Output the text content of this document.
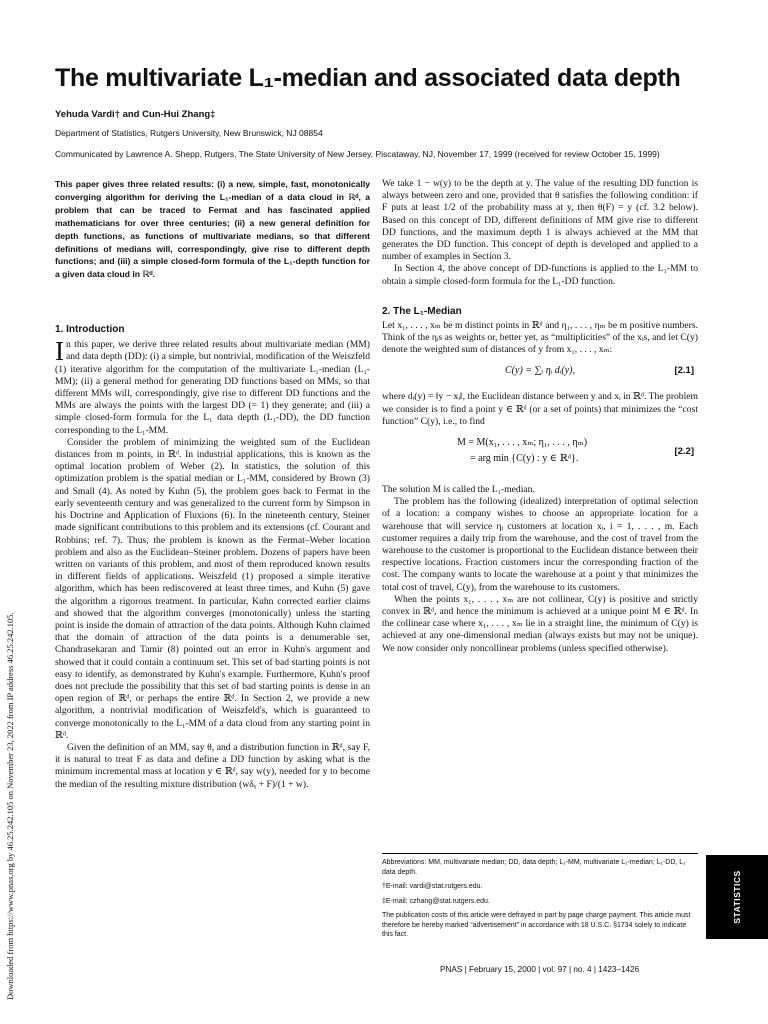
The multivariate L₁-median and associated data depth
Yehuda Vardi† and Cun-Hui Zhang‡
Department of Statistics, Rutgers University, New Brunswick, NJ 08854
Communicated by Lawrence A. Shepp, Rutgers, The State University of New Jersey, Piscataway, NJ, November 17, 1999 (received for review October 15, 1999)

This paper gives three related results: (i) a new, simple, fast, monotonically converging algorithm for deriving the L₁-median of a data cloud in ℝᵈ, a problem that can be traced to Fermat and has fascinated applied mathematicians for over three centuries; (ii) a new general definition for depth functions, as functions of multivariate medians, so that different definitions of medians will, correspondingly, give rise to different depth functions; and (iii) a simple closed-form formula of the L₁-depth function for a given data cloud in ℝᵈ.

1. Introduction

In this paper, we derive three related results about multivariate median (MM) and data depth (DD): (i) a simple, but nontrivial, modification of the Weiszfeld (1) iterative algorithm for the computation of the multivariate L₁-median (L₁-MM); (ii) a general method for generating DD functions based on MMs, so that different MMs will, correspondingly, give rise to different DD functions and the MMs are always the points with the largest DD (= 1) they generate; and (iii) a simple closed-form formula for the L₁ data depth (L₁-DD), the DD function corresponding to the L₁-MM.

Consider the problem of minimizing the weighted sum of the Euclidean distances from m points, in ℝᵈ. In industrial applications, this is known as the optimal location problem of Weber (2). In statistics, the solution of this optimization problem is the spatial median or L₁-MM, considered by Brown (3) and Small (4). As noted by Kuhn (5), the problem goes back to Fermat in the early seventeenth century and was generalized to the current form by Simpson in his Doctrine and Application of Fluxions (6). In the nineteenth century, Steiner made significant contributions to this problem and its extensions (cf. Courant and Robbins; ref. 7). Thus, the problem is known as the Fermat–Weber location problem and also as the Euclidean–Steiner problem. Dozens of papers have been written on variants of this problem, and most of them reproduced known results in different fields of applications. Weiszfeld (1) proposed a simple iterative algorithm, which has been rediscovered at least three times, and Kuhn (5) gave the algorithm a rigorous treatment. In particular, Kuhn corrected earlier claims and showed that the algorithm converges (monotonically) unless the starting point is inside the domain of attraction of the data points. Although Kuhn claimed that the domain of attraction of the data points is a denumerable set, Chandrasekaran and Tamir (8) pointed out an error in Kuhn's argument and showed that it could contain a continuum set. This set of bad starting points is not easy to identify, as demonstrated by Kuhn's example. Furthermore, Kuhn's proof does not preclude the possibility that this set of bad starting points is dense in an open region of ℝᵈ, or perhaps the entire ℝᵈ. In Section 2, we provide a new algorithm, a nontrivial modification of Weiszfeld's, which is guaranteed to converge monotonically to the L₁-MM of a data cloud from any starting point in ℝᵈ.

Given the definition of an MM, say θ, and a distribution function in ℝᵈ, say F, it is natural to treat F as data and define a DD function by asking what is the minimum incremental mass at location y ∈ ℝᵈ, say w(y), needed for y to become the median of the resulting mixture distribution (wδᵧ + F)/(1 + w).

We take 1 − w(y) to be the depth at y. The value of the resulting DD function is always between zero and one, provided that θ satisfies the following condition: if F puts at least 1/2 of the probability mass at y, then θ(F) = y (cf. 3.2 below). Based on this concept of DD, different definitions of MM give rise to different DD functions, and the maximum depth 1 is always achieved at the MM that generates the DD function. This concept of depth is developed and applied to a number of examples in Section 3.

In Section 4, the above concept of DD-functions is applied to the L₁-MM to obtain a simple closed-form formula for the L₁-DD function.

2. The L₁-Median

Let x₁, . . . , xₘ be m distinct points in ℝᵈ and η₁, . . . , ηₘ be m positive numbers. Think of the ηᵢs as weights or, better yet, as “multiplicities” of the xᵢs, and let C(y) denote the weighted sum of distances of y from x₁, . . . , xₘ:

C(y) = ∑ᵢ ηᵢ dᵢ(y),	[2.1]

where dᵢ(y) = ‖y − xᵢ‖, the Euclidean distance between y and xᵢ in ℝᵈ. The problem we consider is to find a point y ∈ ℝᵈ (or a set of points) that minimizes the “cost function” C(y), i.e., to find

M = M(x₁, . . . , xₘ; η₁, . . . , ηₘ)
= arg min {C(y) : y ∈ ℝᵈ}.
[2.2]

The solution M is called the L₁-median.

The problem has the following (idealized) interpretation of optimal selection of a location: a company wishes to choose an appropriate location for a warehouse that will service ηᵢ customers at location xᵢ, i = 1, . . . , m. Each customer requires a daily trip from the warehouse, and the cost of travel from the warehouse to the customer is proportional to the Euclidean distance between their respective locations. Fraction customers incur the corresponding fraction of the cost. The company wants to locate the warehouse at a point y that minimizes the total cost of travel, C(y), from the warehouse to its customers.

When the points x₁, . . . , xₘ are not collinear, C(y) is positive and strictly convex in ℝᵈ, and hence the minimum is achieved at a unique point M ∈ ℝᵈ. In the collinear case where x₁, . . . , xₘ lie in a straight line, the minimum of C(y) is achieved at any one-dimensional median (always exists but may not be unique). We now consider only noncollinear problems (unless specified otherwise).

Abbreviations: MM, multivariate median; DD, data depth; L₁-MM, multivariate L₁-median; L₁-DD, L₁ data depth.

†E-mail: vardi@stat.rutgers.edu.

‡E-mail: czhang@stat.rutgers.edu.

The publication costs of this article were defrayed in part by page charge payment. This article must therefore be hereby marked “advertisement” in accordance with 18 U.S.C. §1734 solely to indicate this fact.

Downloaded from https://www.pnas.org by 46.25.242.105 on November 23, 2022 from IP address 46.25.242.105.	STATISTICS
PNAS | February 15, 2000 | vol. 97 | no. 4 | 1423–1426
